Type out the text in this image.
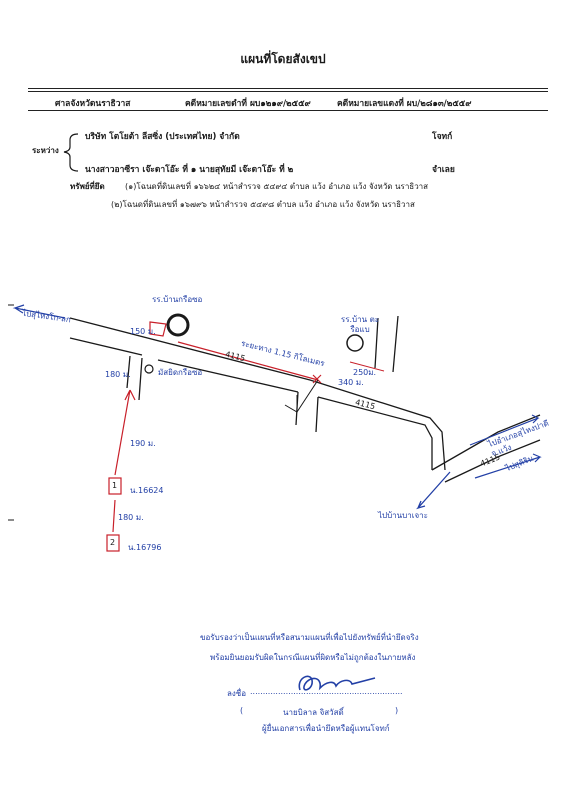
แผนที่โดยสังเขป
ศาลจังหวัดนราธิวาส	คดีหมายเลขดำที่ ผบ๑๒๑๙/๒๕๕๙	คดีหมายเลขแดงที่ ผบ/๒๘๑๓/๒๕๕๙
ระหว่าง
บริษัท โตโยต้า ลีสซิ่ง (ประเทศไทย) จำกัด	โจทก์
นางสาวอาซีรา เจ๊ะดาโอ๊ะ ที่ ๑ นายสุทัยมี เจ๊ะดาโอ๊ะ ที่ ๒	จำเลย
ทรัพย์ที่ยึด	(๑)โฉนดที่ดินเลขที่ ๑๖๖๒๔ หน้าสำรวจ ๕๔๙๔ ตำบล แว้ง อำเภอ แว้ง จังหวัด นราธิวาส
(๒)โฉนดที่ดินเลขที่ ๑๖๗๙๖ หน้าสำรวจ ๕๔๙๘ ตำบล แว้ง อำเภอ แว้ง จังหวัด นราธิวาส
ไปสุไหงโก-ลก
รร.บ้านกรือซอ
รร.บ้าน ตะรือแบ
4115
ระยะทาง 1.15 กิโลเมตร
มัสยิดกรือซอ	250ม.
340 ม.
4115
150 ม.
180 ม.
190 ม.
180 ม.
1
น.16624
2
น.16796
ไปอำเภอสุไหงปาดี จ.แว้ง
ไปสุคิริน
4115
ไปบ้านบาเจาะ
ขอรับรองว่าเป็นแผนที่หรือสนามแผนที่เพื่อไปยังทรัพย์ที่นำยึดจริง
พร้อมยินยอมรับผิดในกรณีแผนที่ผิดหรือไม่ถูกต้องในภายหลัง
ลงชื่อ ............................................................
(	นายบิลาล จิสวัสดิ์	)
ผู้ยื่นเอกสารเพื่อนำยึดหรือผู้แทนโจทก์
